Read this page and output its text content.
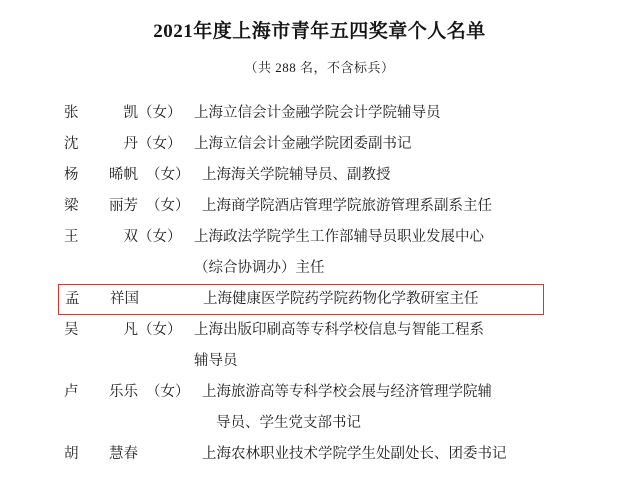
2021年度上海市青年五四奖章个人名单
（共 288 名，不含标兵）
张	凯 （女） 上海立信会计金融学院会计学院辅导员
沈	丹 （女） 上海立信会计金融学院团委副书记
杨 晞帆 （女） 上海海关学院辅导员、副教授
梁 丽芳 （女） 上海商学院酒店管理学院旅游管理系副系主任
王	双 （女） 上海政法学院学生工作部辅导员职业发展中心
（综合协调办）主任
孟 祥国	上海健康医学院药学院药物化学教研室主任
吴	凡 （女） 上海出版印刷高等专科学校信息与智能工程系
辅导员
卢 乐乐 （女） 上海旅游高等专科学校会展与经济管理学院辅
导员、学生党支部书记
胡 慧春	上海农林职业技术学院学生处副处长、团委书记
